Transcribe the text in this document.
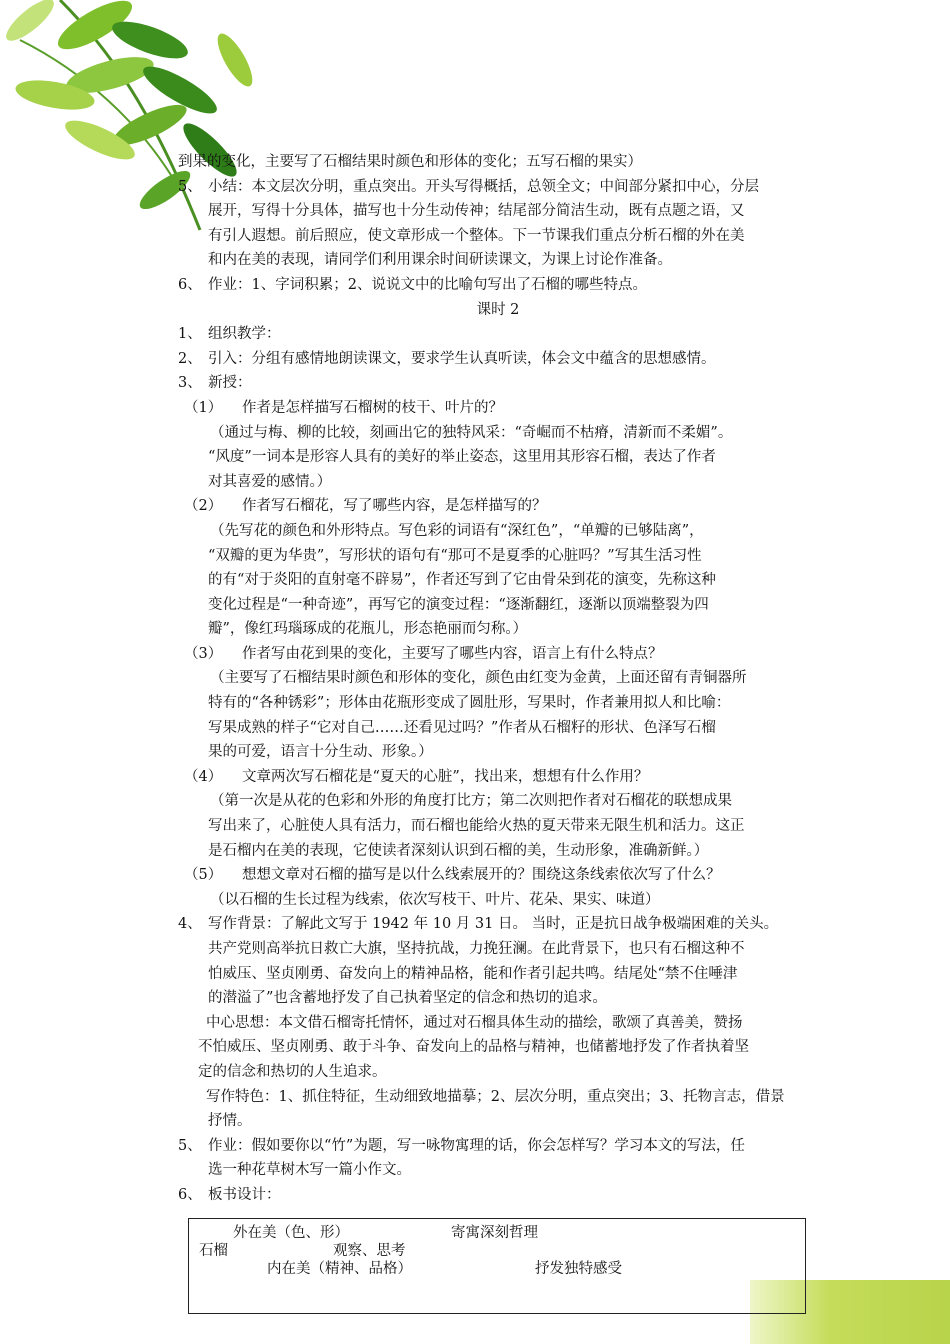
到果的变化，主要写了石榴结果时颜色和形体的变化；五写石榴的果实）
5、 小结：本文层次分明，重点突出。开头写得概括，总领全文；中间部分紧扣中心，分层
展开，写得十分具体，描写也十分生动传神；结尾部分简洁生动，既有点题之语，又
有引人遐想。前后照应，使文章形成一个整体。下一节课我们重点分析石榴的外在美
和内在美的表现，请同学们利用课余时间研读课文，为课上讨论作准备。
6、 作业：1、字词积累；2、说说文中的比喻句写出了石榴的哪些特点。
课时 2
1、 组织教学：
2、 引入：分组有感情地朗读课文，要求学生认真听读，体会文中蕴含的思想感情。
3、 新授：
（1） 作者是怎样描写石榴树的枝干、叶片的？
（通过与梅、柳的比较，刻画出它的独特风采：“奇崛而不枯瘠，清新而不柔媚”。
“风度”一词本是形容人具有的美好的举止姿态，这里用其形容石榴，表达了作者
对其喜爱的感情。）
（2） 作者写石榴花，写了哪些内容，是怎样描写的？
（先写花的颜色和外形特点。写色彩的词语有“深红色”，“单瓣的已够陆离”，
“双瓣的更为华贵”，写形状的语句有“那可不是夏季的心脏吗？”写其生活习性
的有“对于炎阳的直射毫不辟易”，作者还写到了它由骨朵到花的演变，先称这种
变化过程是“一种奇迹”，再写它的演变过程：“逐渐翻红，逐渐以顶端整裂为四
瓣”，像红玛瑙琢成的花瓶儿，形态艳丽而匀称。）
（3） 作者写由花到果的变化，主要写了哪些内容，语言上有什么特点？
（主要写了石榴结果时颜色和形体的变化，颜色由红变为金黄，上面还留有青铜器所
特有的“各种锈彩”；形体由花瓶形变成了圆肚形，写果时，作者兼用拟人和比喻：
写果成熟的样子“它对自己……还看见过吗？”作者从石榴籽的形状、色泽写石榴
果的可爱，语言十分生动、形象。）
（4） 文章两次写石榴花是“夏天的心脏”，找出来，想想有什么作用？
（第一次是从花的色彩和外形的角度打比方；第二次则把作者对石榴花的联想成果
写出来了，心脏使人具有活力，而石榴也能给火热的夏天带来无限生机和活力。这正
是石榴内在美的表现，它使读者深刻认识到石榴的美，生动形象，准确新鲜。）
（5） 想想文章对石榴的描写是以什么线索展开的？围绕这条线索依次写了什么？
（以石榴的生长过程为线索，依次写枝干、叶片、花朵、果实、味道）
4、 写作背景：了解此文写于 1942 年 10 月 31 日。 当时，正是抗日战争极端困难的关头。
共产党则高举抗日救亡大旗，坚持抗战，力挽狂澜。在此背景下，也只有石榴这种不
怕威压、坚贞刚勇、奋发向上的精神品格，能和作者引起共鸣。结尾处“禁不住唾津
的潜溢了”也含蓄地抒发了自己执着坚定的信念和热切的追求。
中心思想：本文借石榴寄托情怀，通过对石榴具体生动的描绘，歌颂了真善美，赞扬
不怕威压、坚贞刚勇、敢于斗争、奋发向上的品格与精神，也储蓄地抒发了作者执着坚
定的信念和热切的人生追求。
写作特色：1、抓住特征，生动细致地描摹；2、层次分明，重点突出；3、托物言志，借景
抒情。
5、 作业：假如要你以“竹”为题，写一咏物寓理的话，你会怎样写？学习本文的写法，任
选一种花草树木写一篇小作文。
6、 板书设计：
外在美（色、形）	寄寓深刻哲理
石榴	观察、思考
内在美（精神、品格）	抒发独特感受
